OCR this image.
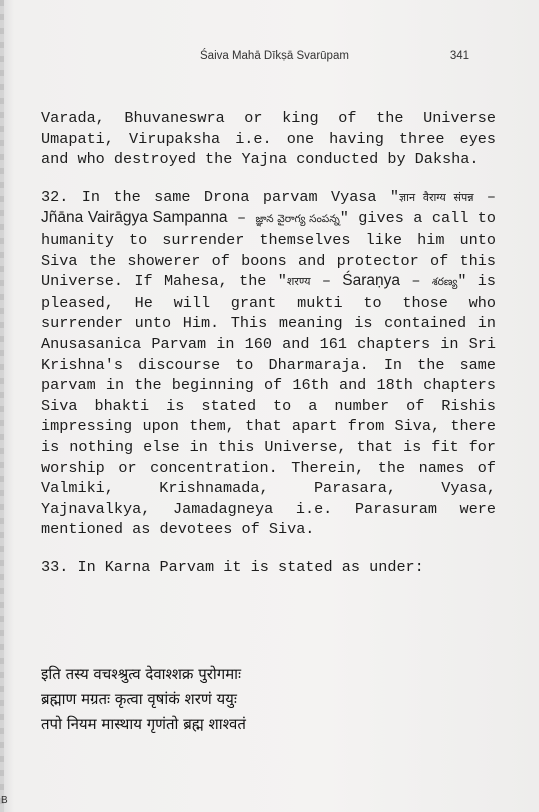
Śaiva Mahā Dīkṣā Svarūpam	341

Varada, Bhuvaneswra or king of the Universe Umapati, Virupaksha i.e. one having three eyes and who destroyed the Yajna conducted by Daksha.

32. In the same Drona parvam Vyasa "ज्ञान वैराग्य संपन्न – Jñāna Vairāgya Sampanna – జ్ఞాన వైరాగ్య సంపన్న" gives a call to humanity to surrender themselves like him unto Siva the showerer of boons and protector of this Universe. If Mahesa, the "शरण्य – Śaraṇya – శరణ్య" is pleased, He will grant mukti to those who surrender unto Him. This meaning is contained in Anusasanica Parvam in 160 and 161 chapters in Sri Krishna's discourse to Dharmaraja. In the same parvam in the beginning of 16th and 18th chapters Siva bhakti is stated to a number of Rishis impressing upon them, that apart from Siva, there is nothing else in this Universe, that is fit for worship or concentration. Therein, the names of Valmiki, Krishnamada, Parasara, Vyasa, Yajnavalkya, Jamadagneya i.e. Parasuram were mentioned as devotees of Siva.

33. In Karna Parvam it is stated as under:

इति तस्य वचश्श्रुत्व देवाश्शक्र पुरोगमाः
ब्रह्माण मग्रतः कृत्वा वृषांकं शरणं ययुः
तपो नियम मास्थाय गृणंतो ब्रह्म शाश्वतं
B
